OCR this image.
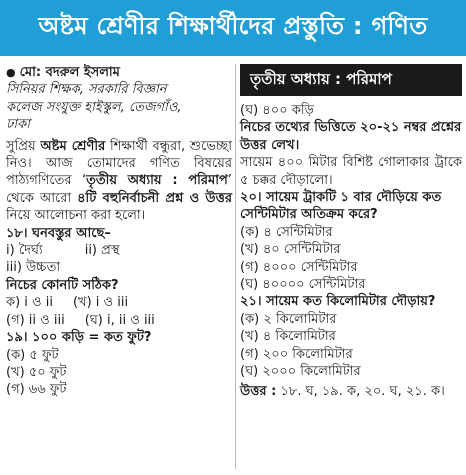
অষ্টম শ্রেণীর শিক্ষার্থীদের প্রস্তুতি : গণিত
● মো: বদরুল ইসলাম
সিনিয়র শিক্ষক, সরকারি বিজ্ঞান
কলেজ সংযুক্ত হাইস্কুল, তেজগাঁও,
ঢাকা
সুপ্রিয় অষ্টম শ্রেণীর শিক্ষার্থী বন্ধুরা, শুভেচ্ছা নিও। আজ তোমাদের গণিত বিষয়ের পাঠ্যগণিতের ‘তৃতীয় অধ্যায় : পরিমাপ’ থেকে আরো ৪টি বহুনির্বাচনী প্রশ্ন ও উত্তর নিয়ে আলোচনা করা হলো।
১৮। ঘনবস্তুর আছে–
i) দৈর্ঘ্য	ii) প্রস্থ
iii) উচ্চতা
নিচের কোনটি সঠিক?
ক) i ও ii (খ) i ও iii
(গ) ii ও iii (ঘ) i, ii ও iii
১৯। ১০০ কড়ি = কত ফুট?
(ক) ৫ ফুট
(খ) ৫০ ফুট
(গ) ৬৬ ফুট
তৃতীয় অধ্যায় : পরিমাপ
(ঘ) ৪০০ কড়ি
নিচের তথ্যের ভিত্তিতে ২০-২১ নম্বর প্রশ্নের উত্তর লেখ।
সায়েম ৪০০ মিটার বিশিষ্ট গোলাকার ট্রাকে ৫ চক্কর দৌড়ালো।
২০। সায়েম ট্রাকটি ১ বার দৌড়িয়ে কত সেন্টিমিটার অতিক্রম করে?
(ক) ৪ সেন্টিমিটার
(খ) ৪০ সেন্টিমিটার
(গ) ৪০০০ সেন্টিমিটার
(ঘ) ৪০০০০ সেন্টিমিটার
২১। সায়েম কত কিলোমিটার দৌড়ায়?
(ক) ২ কিলোমিটার
(খ) ৪ কিলোমিটার
(গ) ২০০ কিলোমিটার
(ঘ) ২০০০ কিলোমিটার
উত্তর : ১৮. ঘ, ১৯. ক, ২০. ঘ, ২১. ক।
